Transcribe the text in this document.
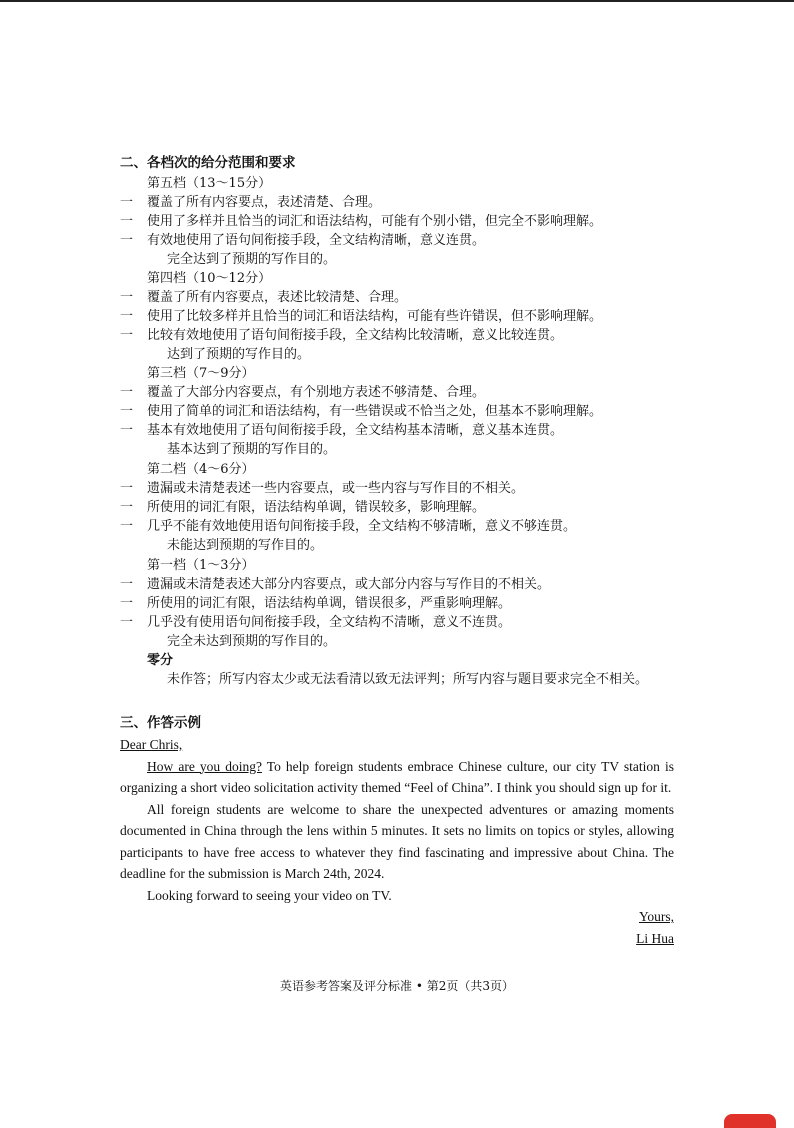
二、各档次的给分范围和要求
第五档（13～15分）
一	覆盖了所有内容要点，表述清楚、合理。
一	使用了多样并且恰当的词汇和语法结构，可能有个别小错，但完全不影响理解。
一	有效地使用了语句间衔接手段，全文结构清晰，意义连贯。
完全达到了预期的写作目的。
第四档（10～12分）
一	覆盖了所有内容要点，表述比较清楚、合理。
一	使用了比较多样并且恰当的词汇和语法结构，可能有些许错误，但不影响理解。
一	比较有效地使用了语句间衔接手段，全文结构比较清晰，意义比较连贯。
达到了预期的写作目的。
第三档（7～9分）
一	覆盖了大部分内容要点，有个别地方表述不够清楚、合理。
一	使用了简单的词汇和语法结构，有一些错误或不恰当之处，但基本不影响理解。
一	基本有效地使用了语句间衔接手段，全文结构基本清晰，意义基本连贯。
基本达到了预期的写作目的。
第二档（4～6分）
一	遗漏或未清楚表述一些内容要点，或一些内容与写作目的不相关。
一	所使用的词汇有限，语法结构单调，错误较多，影响理解。
一	几乎不能有效地使用语句间衔接手段，全文结构不够清晰，意义不够连贯。
未能达到预期的写作目的。
第一档（1～3分）
一	遗漏或未清楚表述大部分内容要点，或大部分内容与写作目的不相关。
一	所使用的词汇有限，语法结构单调，错误很多，严重影响理解。
一	几乎没有使用语句间衔接手段，全文结构不清晰，意义不连贯。
完全未达到预期的写作目的。
零分
未作答；所写内容太少或无法看清以致无法评判；所写内容与题目要求完全不相关。
三、作答示例

Dear Chris,

How are you doing? To help foreign students embrace Chinese culture, our city TV station is organizing a short video solicitation activity themed “Feel of China”. I think you should sign up for it.

All foreign students are welcome to share the unexpected adventures or amazing moments documented in China through the lens within 5 minutes. It sets no limits on topics or styles, allowing participants to have free access to whatever they find fascinating and impressive about China. The deadline for the submission is March 24th, 2024.

Looking forward to seeing your video on TV.

Yours,

Li Hua

英语参考答案及评分标准 • 第2页（共3页）
